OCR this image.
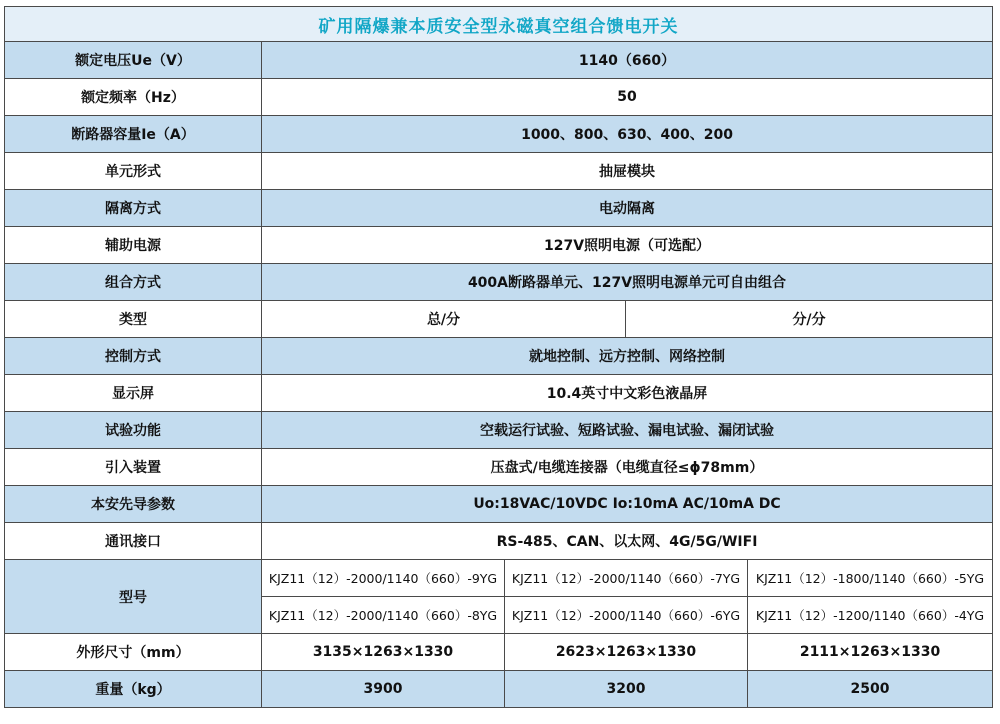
矿用隔爆兼本质安全型永磁真空组合馈电开关				
额定电压Ue（V）	1140（660）			
额定频率（Hz）	50			
断路器容量Ie（A）	1000、800、630、400、200			
单元形式	抽屉模块			
隔离方式	电动隔离			
辅助电源	127V照明电源（可选配）			
组合方式	400A断路器单元、127V照明电源单元可自由组合			
类型	总/分		分/分	
控制方式	就地控制、远方控制、网络控制			
显示屏	10.4英寸中文彩色液晶屏			
试验功能	空载运行试验、短路试验、漏电试验、漏闭试验			
引入装置	压盘式/电缆连接器（电缆直径≤ϕ78mm）			
本安先导参数	Uo:18VAC/10VDC Io:10mA AC/10mA DC			
通讯接口	RS-485、CAN、以太网、4G/5G/WIFI			
型号	KJZ11（12）-2000/1140（660）-9YG	KJZ11（12）-2000/1140（660）-7YG		KJZ11（12）-1800/1140（660）-5YG
	KJZ11（12）-2000/1140（660）-8YG	KJZ11（12）-2000/1140（660）-6YG		KJZ11（12）-1200/1140（660）-4YG
外形尺寸（mm）	3135×1263×1330	2623×1263×1330		2111×1263×1330
重量（kg）	3900	3200		2500
